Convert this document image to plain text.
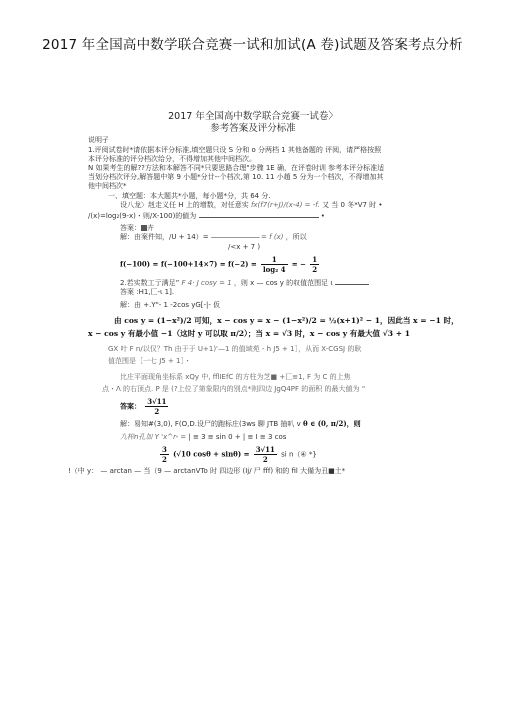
2017 年全国高中数学联合竞赛一试和加试(A 卷)试题及答案考点分析
2017 年全国高中数学联合竞赛一试卷〉
参考答案及评分标准
说明孑
1.评阅试卷时*请依据本评分标准,填空题只设 S 分和 o 分两档 1 其他备题的 评阅，请严格按照
本评分标准的评分档次给分，不得增加其他中间档次。
N 如果考生的解??方法和本解答不同*只要思路合理"步骤 1E 确，在评卷时训 参考本评分标准适
当划分档次评分,解答题中第 9 小题*分廿--个档次,第 10. 11 小趙 5 分为一个档次，不得增加其
他中间档次*
一、填空题：本大题共*小题，每小题*分，共 64 分.
设八龙〉赳走义任 H 上的增数，对任意实 fx(f7(r+J)/(x-4) = -f. 又 当 0 冬*V7 时 •
/(x)=log₂(9-x)・则/X-100)的値为	•
答案： 卉
解：由案件知，/U + 14）= ———————— = f (x) ，所以
/<x + 7 )
$f(-100) = f(-100+14\times 7) = f(-2) = \frac{1}{\text{log₂ 4}}$ = − $\frac{1}{2}$
2.若实数工亍满足” F 4· J cosy = 1 ，则 x — cos y 的収值范围足 ι
答案 :H1,匸-ι 1].
解：由 +.Y"- 1 -2cos yG[-|- 仮
由 cos y = (1−x²)/2 可知，x − cos y = x − (1−x²)/2 = ½(x+1)² − 1，因此当 x = −1 时，
x − cos y 有最小值 −1（这时 y 可以取 π/2）；当 x = √3 时，x − cos y 有最大值 √3 + 1
GX 叶 F n/以仅？Th 由于于 U+1)'—1 的值域苑 - h J5 + 1］，从而 X-CGSJ 的耿
值范围是［一七 J5 + 1］・
比庄平面现角坐标系 xQy 中, fflIEfC 的方柱为芝■ +匚≡1, F 为 C 的上焦
点・Λ 的右顶点. P 是 (?上位了第象限内的別点*则四边 JgQ4PF 的面积 的最大値为 “
答案： $\frac{3√11}{2}$
解：易知#(3,0), F(O,D.设尸的跑标庄(3ws 聊 JTB 抽叭 v θ ∈ (0, π/2)，则
九榨n孔加 Y 'x^r- = | ≡ 3 ≡ sin 0 + | ≡ I ≡ 3 cos
$\frac{3}{2} (√10$ $\cos\theta + \sin\theta) = \frac{3√11}{2}$ si n（④ *}
!（中 y： — arctan — 当（9 — arctanVTo 时 四边形 (Ij/ 尸 fff) 和的 fil 大備为丑■土*
